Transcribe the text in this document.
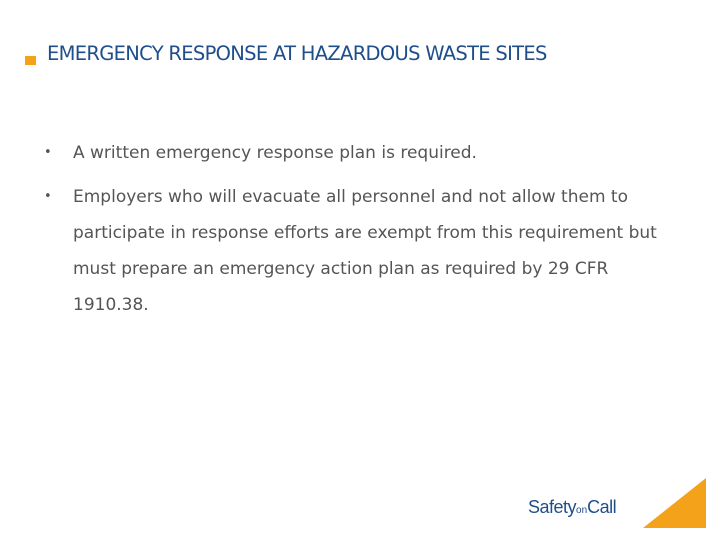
EMERGENCY RESPONSE AT HAZARDOUS WASTE SITES
• A written emergency response plan is required.
• Employers who will evacuate all personnel and not allow them to participate in response efforts are exempt from this requirement but must prepare an emergency action plan as required by 29 CFR 1910.38.
SafetyonCall
